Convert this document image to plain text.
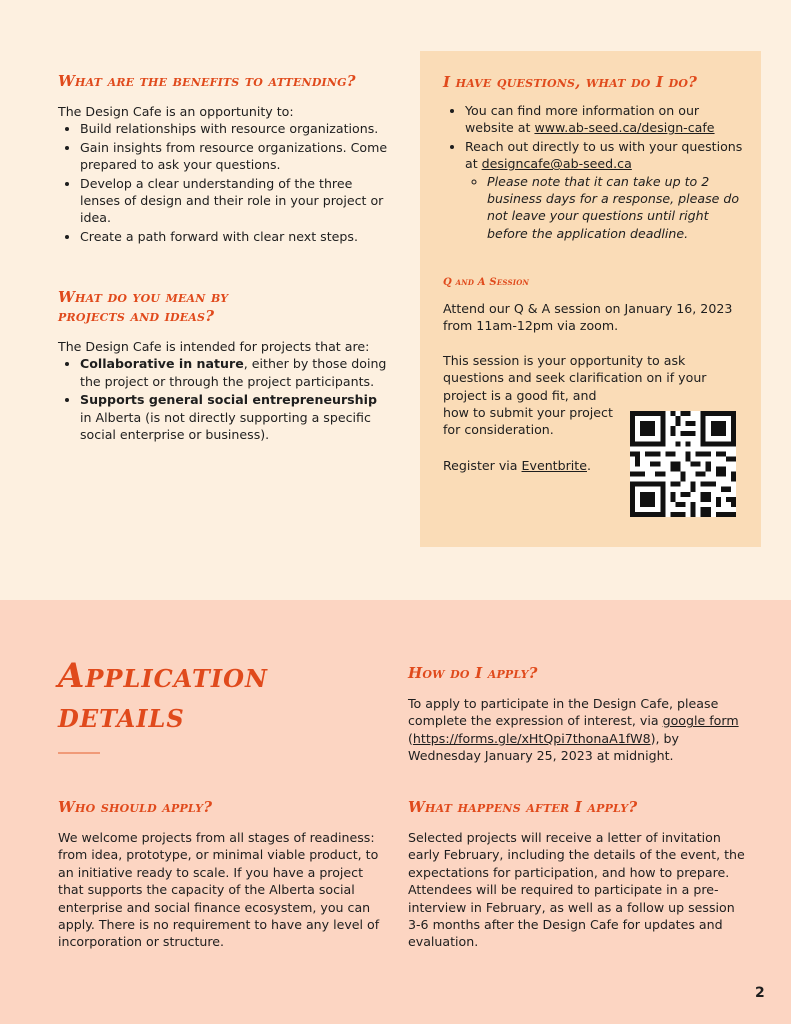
What are the benefits to attending?

The Design Cafe is an opportunity to:

• Build relationships with resource organizations.
• Gain insights from resource organizations. Come prepared to ask your questions.
• Develop a clear understanding of the three lenses of design and their role in your project or idea.
• Create a path forward with clear next steps.
What do you mean by
projects and ideas?

The Design Cafe is intended for projects that are:

• Collaborative in nature, either by those doing the project or through the project participants.
• Supports general social entrepreneurship in Alberta (is not directly supporting a specific social enterprise or business).
I have questions, what do I do?
• You can find more information on our website at www.ab-seed.ca/design-cafe
• Reach out directly to us with your questions at designcafe@ab-seed.ca
◦ Please note that it can take up to 2 business days for a response, please do not leave your questions until right before the application deadline.
Q and A Session

Attend our Q & A session on January 16, 2023 from 11am-12pm via zoom.

This session is your opportunity to ask questions and seek clarification on if your

project is a good fit, and how to submit your project for consideration.

Register via Eventbrite.

Application
details
Who should apply?

We welcome projects from all stages of readiness: from idea, prototype, or minimal viable product, to an initiative ready to scale. If you have a project that supports the capacity of the Alberta social enterprise and social finance ecosystem, you can apply. There is no requirement to have any level of incorporation or structure.

How do I apply?

To apply to participate in the Design Cafe, please complete the expression of interest, via google form (https://forms.gle/xHtQpi7thonaA1fW8), by Wednesday January 25, 2023 at midnight.

What happens after I apply?

Selected projects will receive a letter of invitation early February, including the details of the event, the expectations for participation, and how to prepare. Attendees will be required to participate in a pre-interview in February, as well as a follow up session 3-6 months after the Design Cafe for updates and evaluation.

2
